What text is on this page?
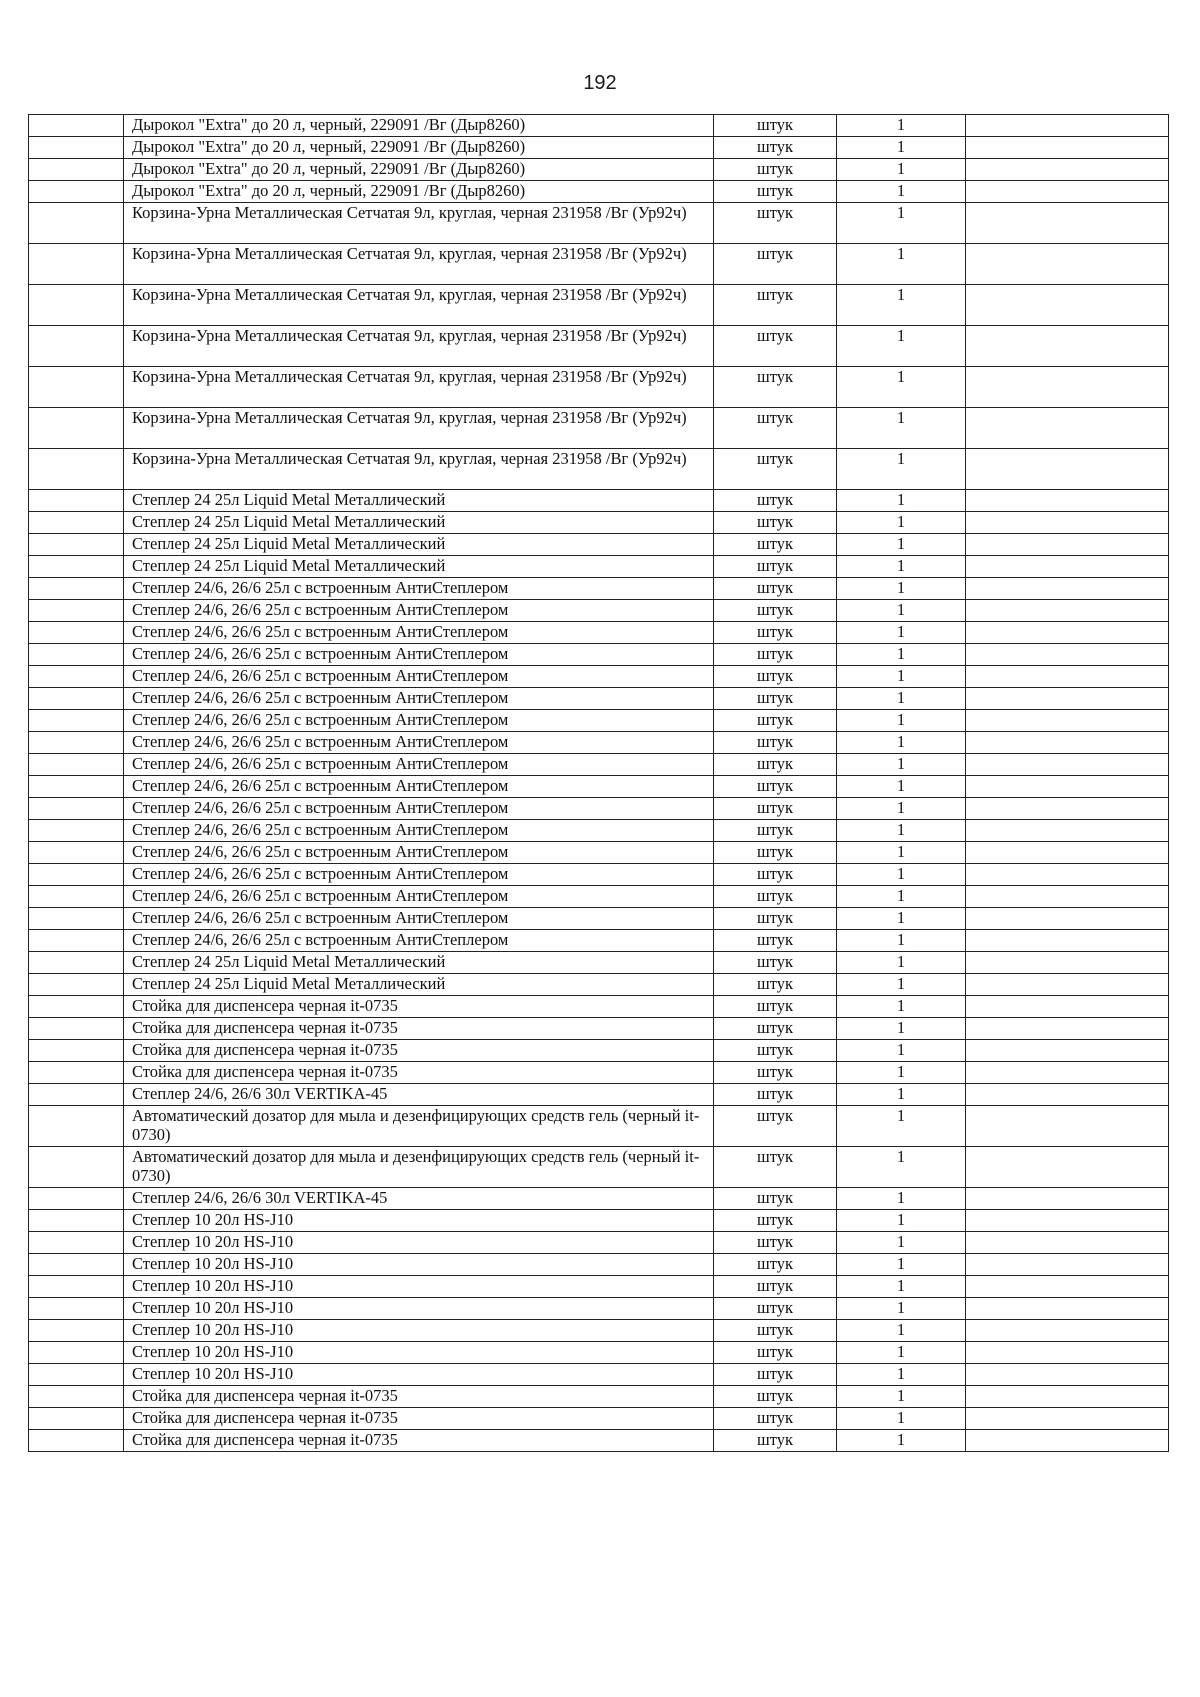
192
	Дырокол "Extra" до 20 л, черный, 229091 /Вг (Дыр8260)	штук	1	
	Дырокол "Extra" до 20 л, черный, 229091 /Вг (Дыр8260)	штук	1	
	Дырокол "Extra" до 20 л, черный, 229091 /Вг (Дыр8260)	штук	1	
	Дырокол "Extra" до 20 л, черный, 229091 /Вг (Дыр8260)	штук	1	
	Корзина-Урна Металлическая Сетчатая 9л, круглая, черная 231958 /Вг (Ур92ч)	штук	1	
	Корзина-Урна Металлическая Сетчатая 9л, круглая, черная 231958 /Вг (Ур92ч)	штук	1	
	Корзина-Урна Металлическая Сетчатая 9л, круглая, черная 231958 /Вг (Ур92ч)	штук	1	
	Корзина-Урна Металлическая Сетчатая 9л, круглая, черная 231958 /Вг (Ур92ч)	штук	1	
	Корзина-Урна Металлическая Сетчатая 9л, круглая, черная 231958 /Вг (Ур92ч)	штук	1	
	Корзина-Урна Металлическая Сетчатая 9л, круглая, черная 231958 /Вг (Ур92ч)	штук	1	
	Корзина-Урна Металлическая Сетчатая 9л, круглая, черная 231958 /Вг (Ур92ч)	штук	1	
	Степлер 24 25л Liquid Metal Металлический	штук	1	
	Степлер 24 25л Liquid Metal Металлический	штук	1	
	Степлер 24 25л Liquid Metal Металлический	штук	1	
	Степлер 24 25л Liquid Metal Металлический	штук	1	
	Степлер 24/6, 26/6 25л с встроенным АнтиСтеплером	штук	1	
	Степлер 24/6, 26/6 25л с встроенным АнтиСтеплером	штук	1	
	Степлер 24/6, 26/6 25л с встроенным АнтиСтеплером	штук	1	
	Степлер 24/6, 26/6 25л с встроенным АнтиСтеплером	штук	1	
	Степлер 24/6, 26/6 25л с встроенным АнтиСтеплером	штук	1	
	Степлер 24/6, 26/6 25л с встроенным АнтиСтеплером	штук	1	
	Степлер 24/6, 26/6 25л с встроенным АнтиСтеплером	штук	1	
	Степлер 24/6, 26/6 25л с встроенным АнтиСтеплером	штук	1	
	Степлер 24/6, 26/6 25л с встроенным АнтиСтеплером	штук	1	
	Степлер 24/6, 26/6 25л с встроенным АнтиСтеплером	штук	1	
	Степлер 24/6, 26/6 25л с встроенным АнтиСтеплером	штук	1	
	Степлер 24/6, 26/6 25л с встроенным АнтиСтеплером	штук	1	
	Степлер 24/6, 26/6 25л с встроенным АнтиСтеплером	штук	1	
	Степлер 24/6, 26/6 25л с встроенным АнтиСтеплером	штук	1	
	Степлер 24/6, 26/6 25л с встроенным АнтиСтеплером	штук	1	
	Степлер 24/6, 26/6 25л с встроенным АнтиСтеплером	штук	1	
	Степлер 24/6, 26/6 25л с встроенным АнтиСтеплером	штук	1	
	Степлер 24 25л Liquid Metal Металлический	штук	1	
	Степлер 24 25л Liquid Metal Металлический	штук	1	
	Стойка для диспенсера черная it-0735	штук	1	
	Стойка для диспенсера черная it-0735	штук	1	
	Стойка для диспенсера черная it-0735	штук	1	
	Стойка для диспенсера черная it-0735	штук	1	
	Степлер 24/6, 26/6 30л VERTIKA-45	штук	1	
	Автоматический дозатор для мыла и дезенфицирующих средств гель (черный it-0730)	штук	1	
	Автоматический дозатор для мыла и дезенфицирующих средств гель (черный it-0730)	штук	1	
	Степлер 24/6, 26/6 30л VERTIKA-45	штук	1	
	Степлер 10 20л HS-J10	штук	1	
	Степлер 10 20л HS-J10	штук	1	
	Степлер 10 20л HS-J10	штук	1	
	Степлер 10 20л HS-J10	штук	1	
	Степлер 10 20л HS-J10	штук	1	
	Степлер 10 20л HS-J10	штук	1	
	Степлер 10 20л HS-J10	штук	1	
	Степлер 10 20л HS-J10	штук	1	
	Стойка для диспенсера черная it-0735	штук	1	
	Стойка для диспенсера черная it-0735	штук	1	
	Стойка для диспенсера черная it-0735	штук	1	
